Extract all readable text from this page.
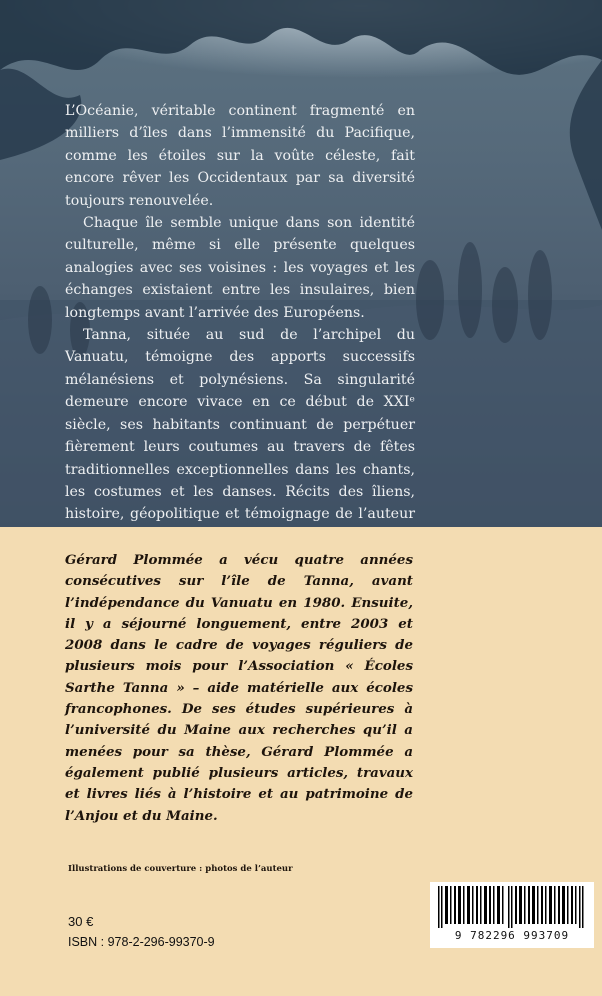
L’Océanie, véritable continent fragmenté en milliers d’îles dans l’immensité du Pacifique, comme les étoiles sur la voûte céleste, fait encore rêver les Occidentaux par sa diversité toujours renouvelée.

Chaque île semble unique dans son identité culturelle, même si elle présente quelques analogies avec ses voisines : les voyages et les échanges existaient entre les insulaires, bien longtemps avant l’arrivée des Européens.

Tanna, située au sud de l’archipel du Vanuatu, témoigne des apports successifs mélanésiens et polynésiens. Sa singularité demeure encore vivace en ce début de XXIᵉ siècle, ses habitants continuant de perpétuer fièrement leurs coutumes au travers de fêtes traditionnelles exceptionnelles dans les chants, les costumes et les danses. Récits des îliens, histoire, géopolitique et témoignage de l’auteur

Gérard Plommée a vécu quatre années consécutives sur l’île de Tanna, avant l’indépendance du Vanuatu en 1980. Ensuite, il y a séjourné longuement, entre 2003 et 2008 dans le cadre de voyages réguliers de plusieurs mois pour l’Association « Écoles Sarthe Tanna » – aide matérielle aux écoles francophones. De ses études supérieures à l’université du Maine aux recherches qu’il a menées pour sa thèse, Gérard Plommée a également publié plusieurs articles, travaux et livres liés à l’histoire et au patrimoine de l’Anjou et du Maine.

Illustrations de couverture : photos de l’auteur

30 €

ISBN : 978-2-296-99370-9	9 782296 993709
